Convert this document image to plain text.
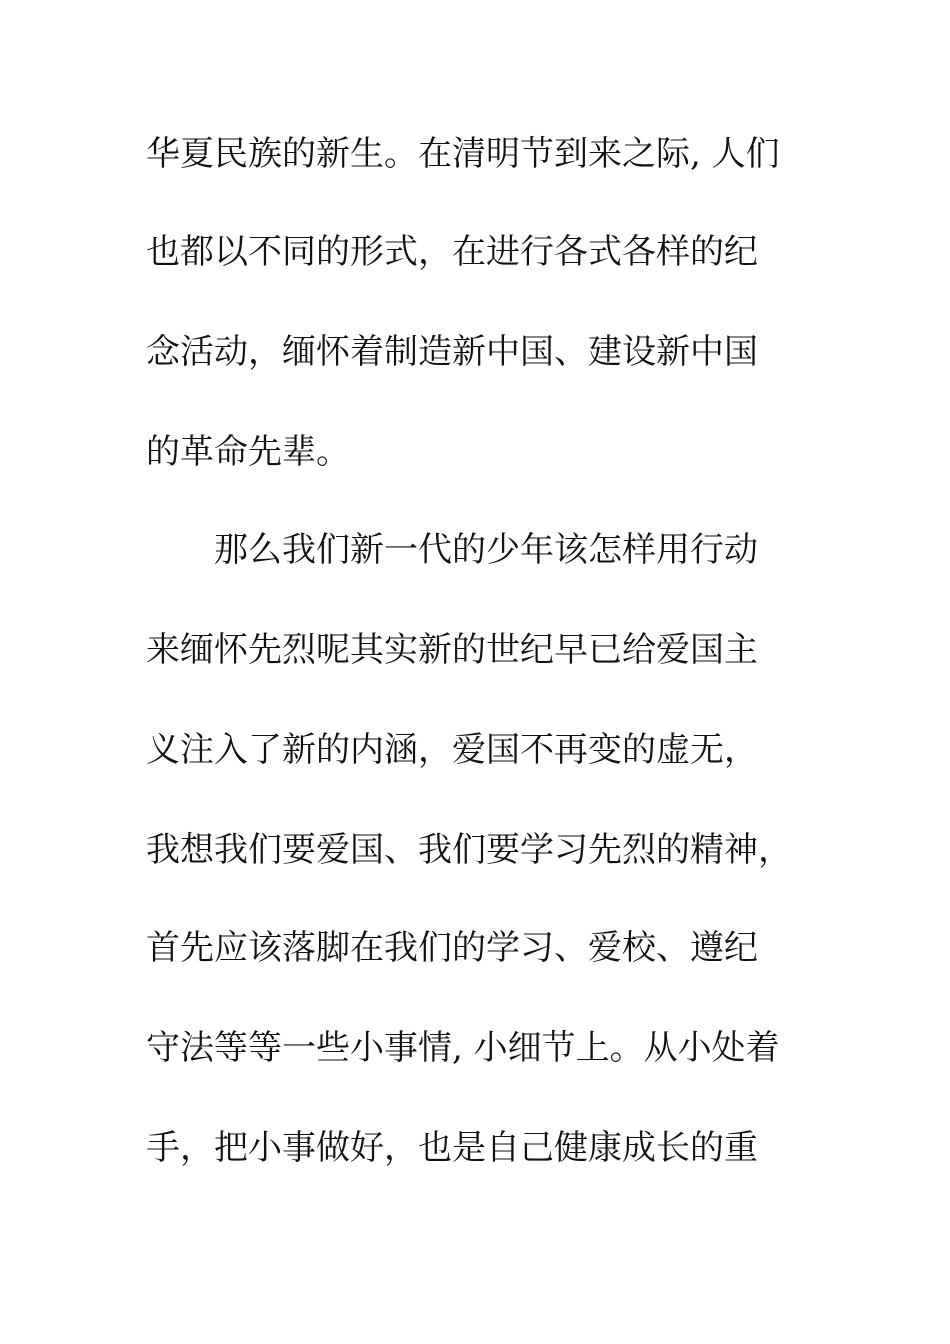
华夏民族的新生。在清明节到来之际, 人们

也都以不同的形式，在进行各式各样的纪

念活动，缅怀着制造新中国、建设新中国

的革命先辈。

那么我们新一代的少年该怎样用行动

来缅怀先烈呢其实新的世纪早已给爱国主

义注入了新的内涵，爱国不再变的虚无，

我想我们要爱国、我们要学习先烈的精神，

首先应该落脚在我们的学习、爱校、遵纪

守法等等一些小事情, 小细节上。从小处着

手，把小事做好，也是自己健康成长的重
